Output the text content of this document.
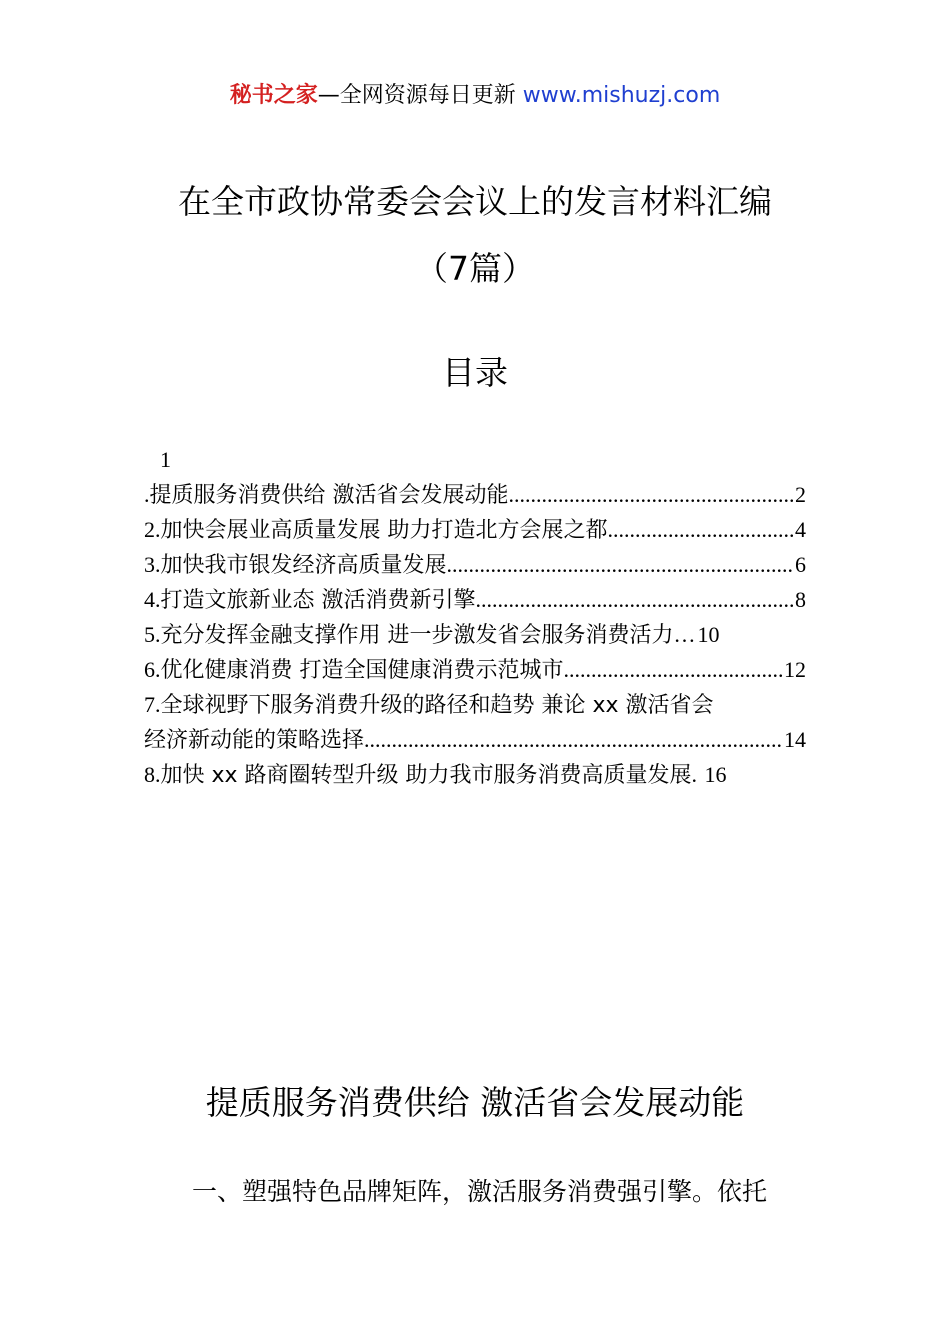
秘书之家—全网资源每日更新 www.mishuzj.com
在全市政协常委会会议上的发言材料汇编
（7篇）
目录
1
. 提质服务消费供给 激活省会发展动能 .....	2
2. 加快会展业高质量发展 助力打造北方会展之都 .....	4
3. 加快我市银发经济高质量发展 .....	6
4. 打造文旅新业态 激活消费新引擎 .....	8
5. 充分发挥金融支撑作用 进一步激发省会服务消费活力 … 10
6. 优化健康消费 打造全国健康消费示范城市 .....	12
7. 全球视野下服务消费升级的路径和趋势 兼论 xx 激活省会
经济新动能的策略选择 .....	14
8. 加快 xx 路商圈转型升级 助力我市服务消费高质量发展 . 16
提质服务消费供给 激活省会发展动能
一、塑强特色品牌矩阵，激活服务消费强引擎。依托
